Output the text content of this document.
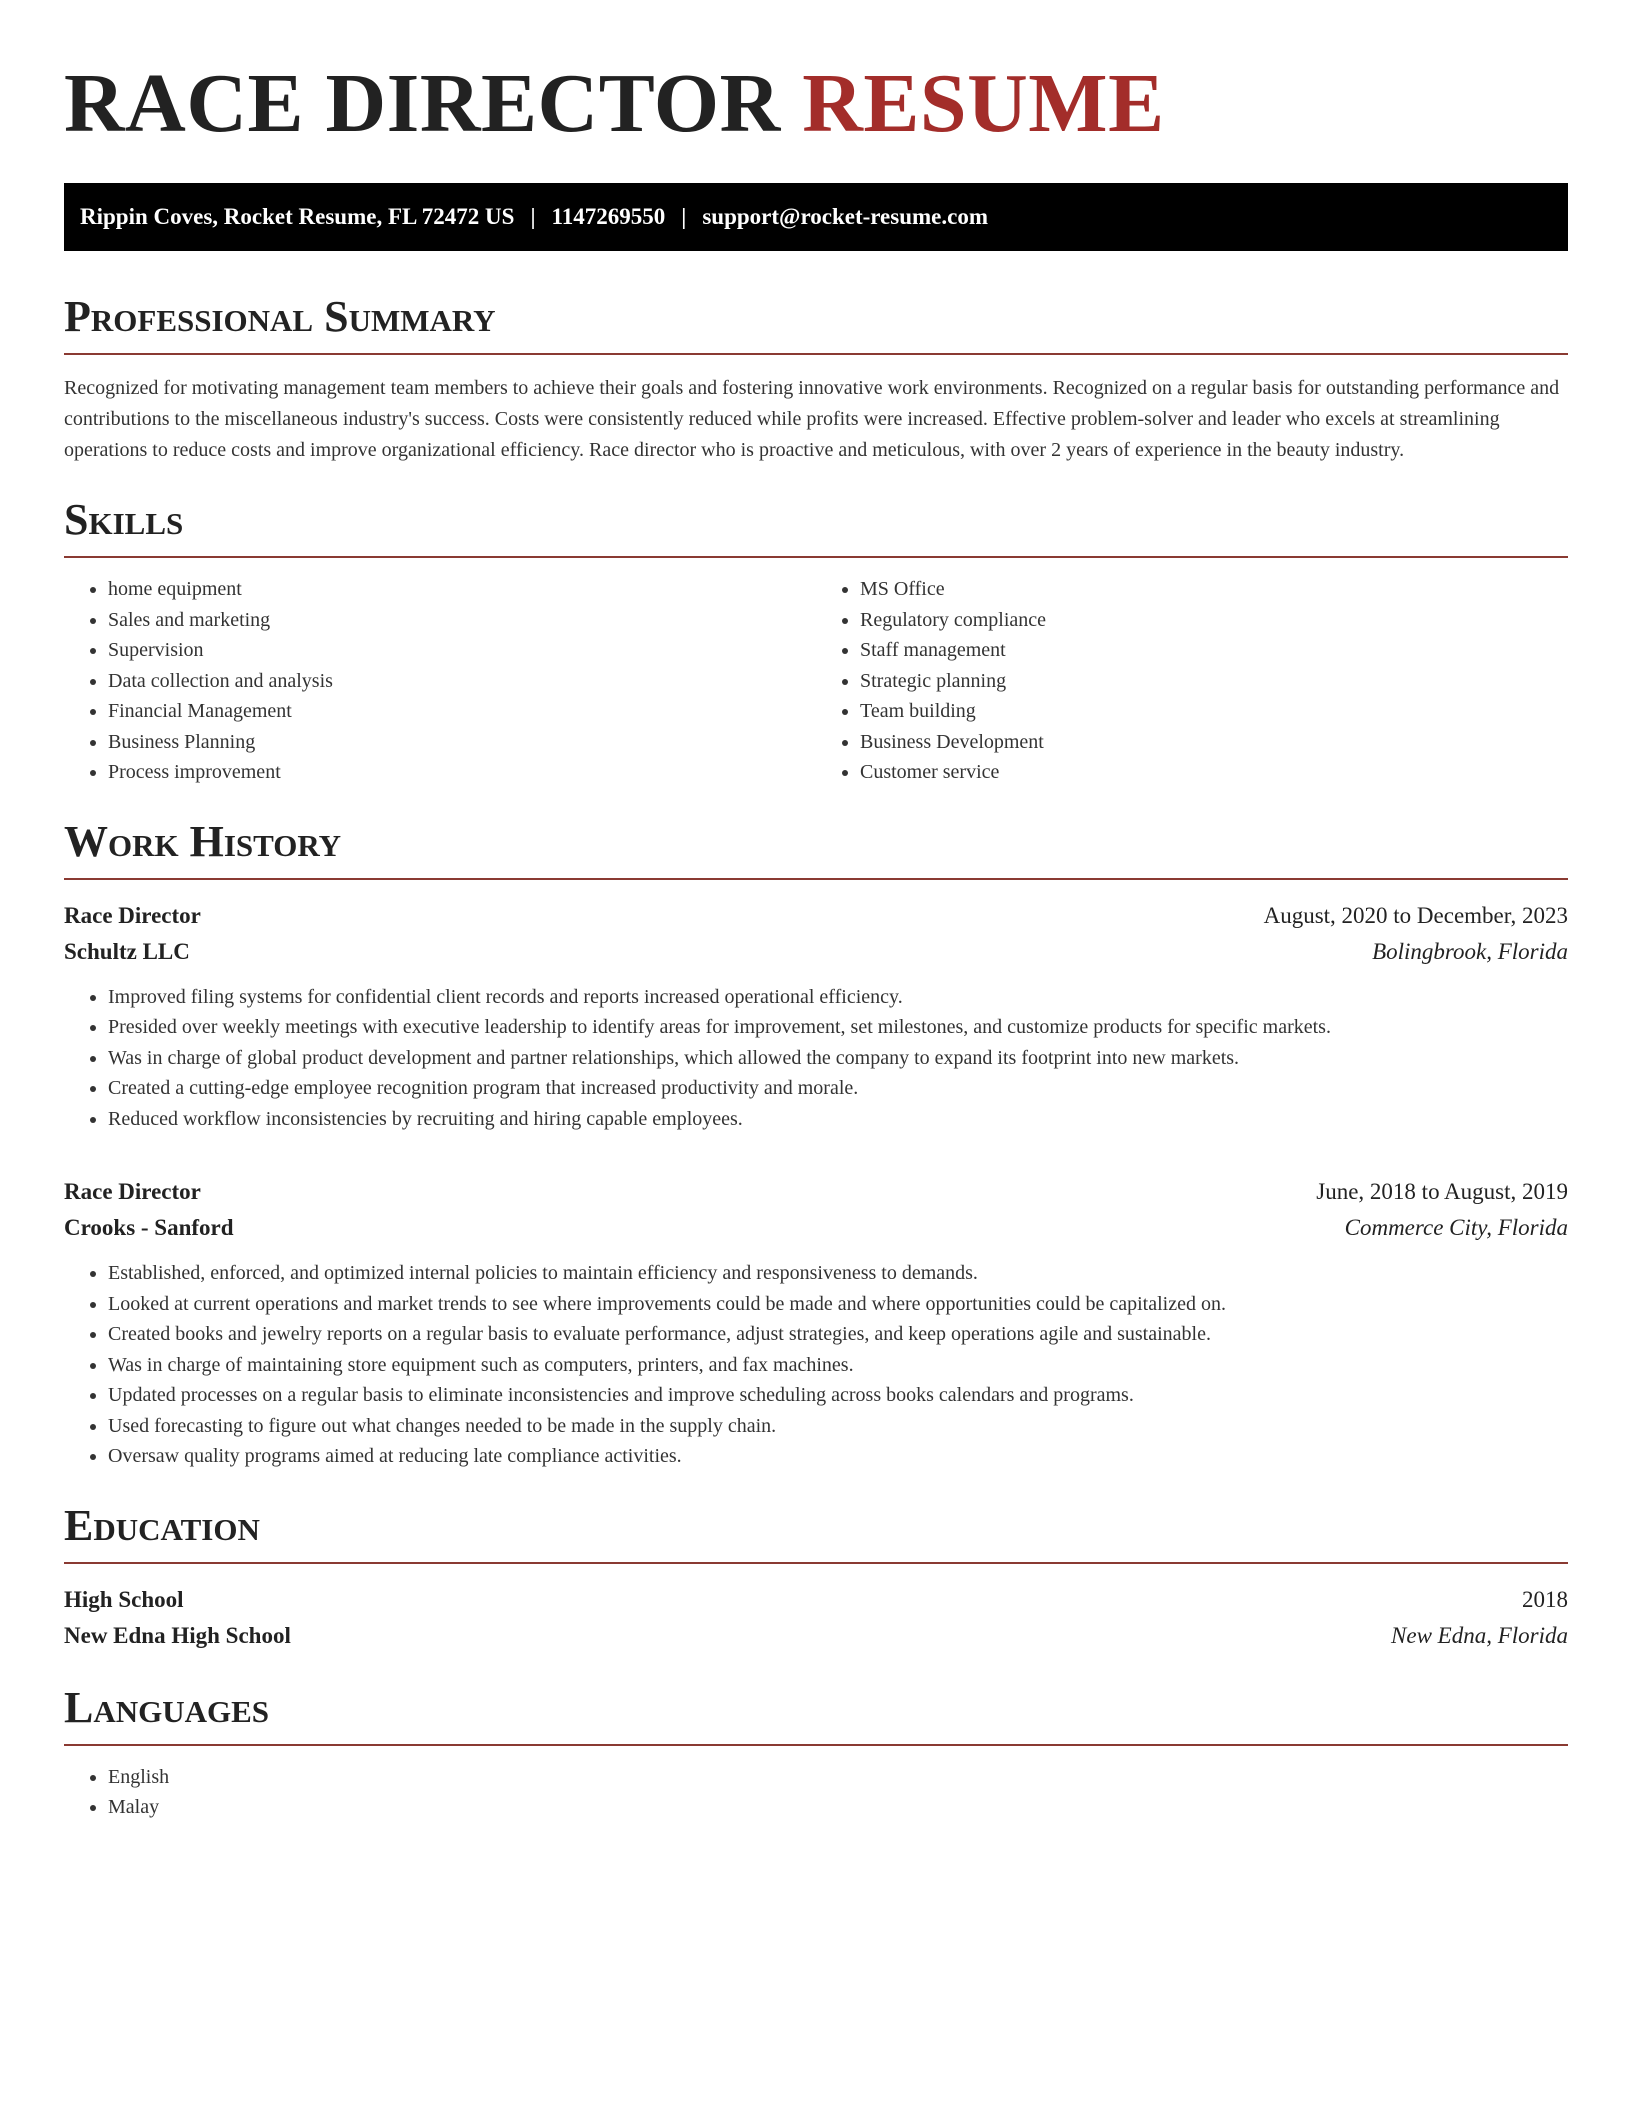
RACE DIRECTOR RESUME
Rippin Coves, Rocket Resume, FL 72472 US | 1147269550 | support@rocket-resume.com
Professional Summary

Recognized for motivating management team members to achieve their goals and fostering innovative work environments. Recognized on a regular basis for outstanding performance and contributions to the miscellaneous industry's success. Costs were consistently reduced while profits were increased. Effective problem-solver and leader who excels at streamlining operations to reduce costs and improve organizational efficiency. Race director who is proactive and meticulous, with over 2 years of experience in the beauty industry.

Skills
• home equipment
• Sales and marketing
• Supervision
• Data collection and analysis
• Financial Management
• Business Planning
• Process improvement
• MS Office
• Regulatory compliance
• Staff management
• Strategic planning
• Team building
• Business Development
• Customer service
Work History
Race Director	August, 2020 to December, 2023
Schultz LLC	Bolingbrook, Florida
• Improved filing systems for confidential client records and reports increased operational efficiency.
• Presided over weekly meetings with executive leadership to identify areas for improvement, set milestones, and customize products for specific markets.
• Was in charge of global product development and partner relationships, which allowed the company to expand its footprint into new markets.
• Created a cutting-edge employee recognition program that increased productivity and morale.
• Reduced workflow inconsistencies by recruiting and hiring capable employees.
Race Director	June, 2018 to August, 2019
Crooks - Sanford	Commerce City, Florida
• Established, enforced, and optimized internal policies to maintain efficiency and responsiveness to demands.
• Looked at current operations and market trends to see where improvements could be made and where opportunities could be capitalized on.
• Created books and jewelry reports on a regular basis to evaluate performance, adjust strategies, and keep operations agile and sustainable.
• Was in charge of maintaining store equipment such as computers, printers, and fax machines.
• Updated processes on a regular basis to eliminate inconsistencies and improve scheduling across books calendars and programs.
• Used forecasting to figure out what changes needed to be made in the supply chain.
• Oversaw quality programs aimed at reducing late compliance activities.
Education
High School	2018
New Edna High School	New Edna, Florida
Languages
• English
• Malay
